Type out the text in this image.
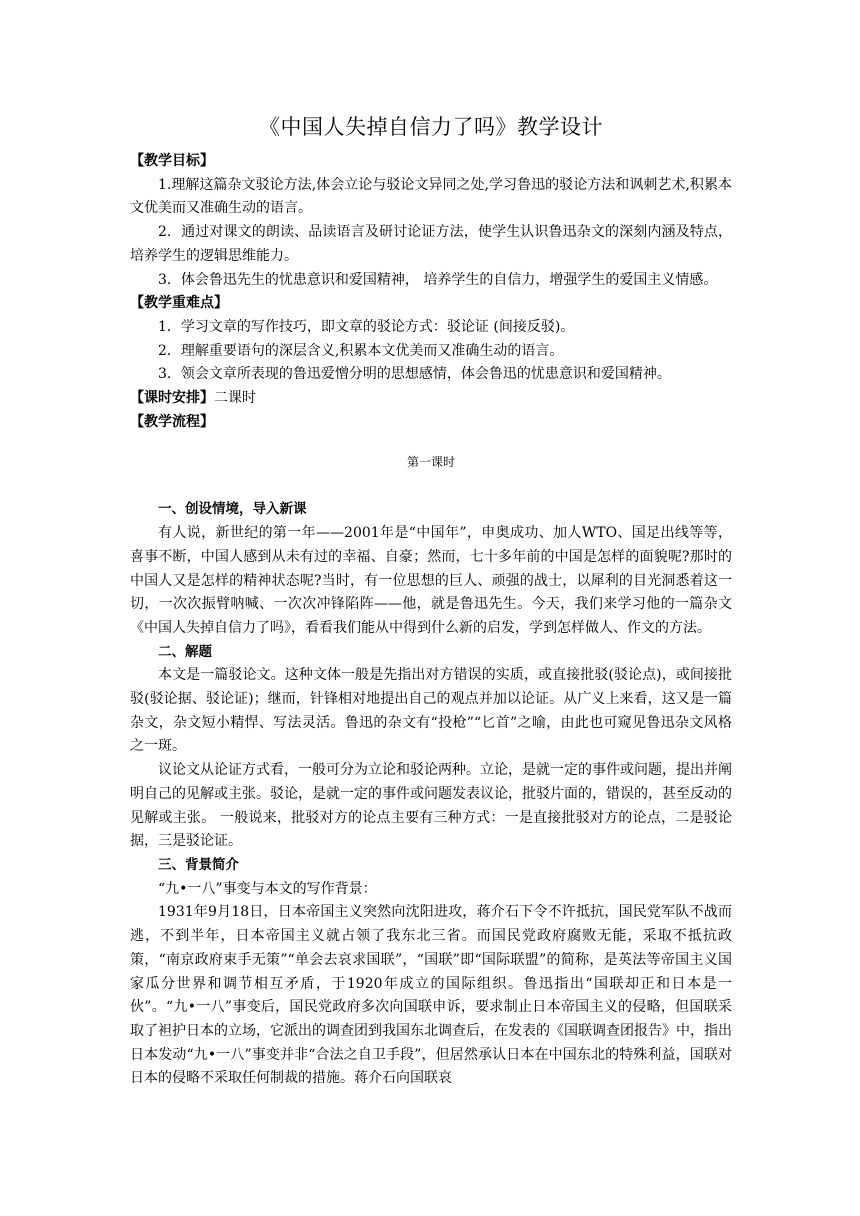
《中国人失掉自信力了吗》教学设计
【教学目标】

1.理解这篇杂文驳论方法,体会立论与驳论文异同之处,学习鲁迅的驳论方法和讽刺艺术,积累本文优美而又准确生动的语言。

2．通过对课文的朗读、品读语言及研讨论证方法，使学生认识鲁迅杂文的深刻内涵及特点，培养学生的逻辑思维能力。

3．体会鲁迅先生的忧患意识和爱国精神， 培养学生的自信力，增强学生的爱国主义情感。

【教学重难点】

1．学习文章的写作技巧，即文章的驳论方式：驳论证 (间接反驳)。

2．理解重要语句的深层含义,积累本文优美而又准确生动的语言。

3．领会文章所表现的鲁迅爱憎分明的思想感情，体会鲁迅的忧患意识和爱国精神。

【课时安排】二课时
【教学流程】
第一课时

一、创设情境，导入新课

有人说，新世纪的第一年——2001年是“中国年”，申奥成功、加人WTO、国足出线等等，喜事不断，中国人感到从未有过的幸福、自豪；然而，七十多年前的中国是怎样的面貌呢?那时的中国人又是怎样的精神状态呢?当时，有一位思想的巨人、顽强的战士，以犀利的目光洞悉着这一切，一次次振臂呐喊、一次次冲锋陷阵——他，就是鲁迅先生。今天，我们来学习他的一篇杂文《中国人失掉自信力了吗》，看看我们能从中得到什么新的启发，学到怎样做人、作文的方法。

二、解题

本文是一篇驳论文。这种文体一般是先指出对方错误的实质，或直接批驳(驳论点)，或间接批驳(驳论据、驳论证)；继而，针锋相对地提出自己的观点并加以论证。从广义上来看，这又是一篇杂文，杂文短小精悍、写法灵活。鲁迅的杂文有“投枪”“匕首”之喻，由此也可窥见鲁迅杂文风格之一斑。

议论文从论证方式看，一般可分为立论和驳论两种。立论，是就一定的事件或问题，提出并阐明自己的见解或主张。驳论，是就一定的事件或问题发表议论，批驳片面的，错误的，甚至反动的见解或主张。 一般说来，批驳对方的论点主要有三种方式：一是直接批驳对方的论点，二是驳论据，三是驳论证。

三、背景简介

“九•一八”事变与本文的写作背景：

1931年9月18日，日本帝国主义突然向沈阳进攻，蒋介石下令不许抵抗，国民党军队不战而逃，不到半年，日本帝国主义就占领了我东北三省。而国民党政府腐败无能，采取不抵抗政策，“南京政府束手无策”“单会去哀求国联”，“国联”即“国际联盟”的简称，是英法等帝国主义国家瓜分世界和调节相互矛盾，于1920年成立的国际组织。鲁迅指出“国联却正和日本是一伙”。“九•一八”事变后，国民党政府多次向国联申诉，要求制止日本帝国主义的侵略，但国联采取了袒护日本的立场，它派出的调查团到我国东北调查后，在发表的《国联调查团报告》中，指出日本发动“九•一八”事变并非“合法之自卫手段”，但居然承认日本在中国东北的特殊利益，国联对日本的侵略不采取任何制裁的措施。蒋介石向国联哀
